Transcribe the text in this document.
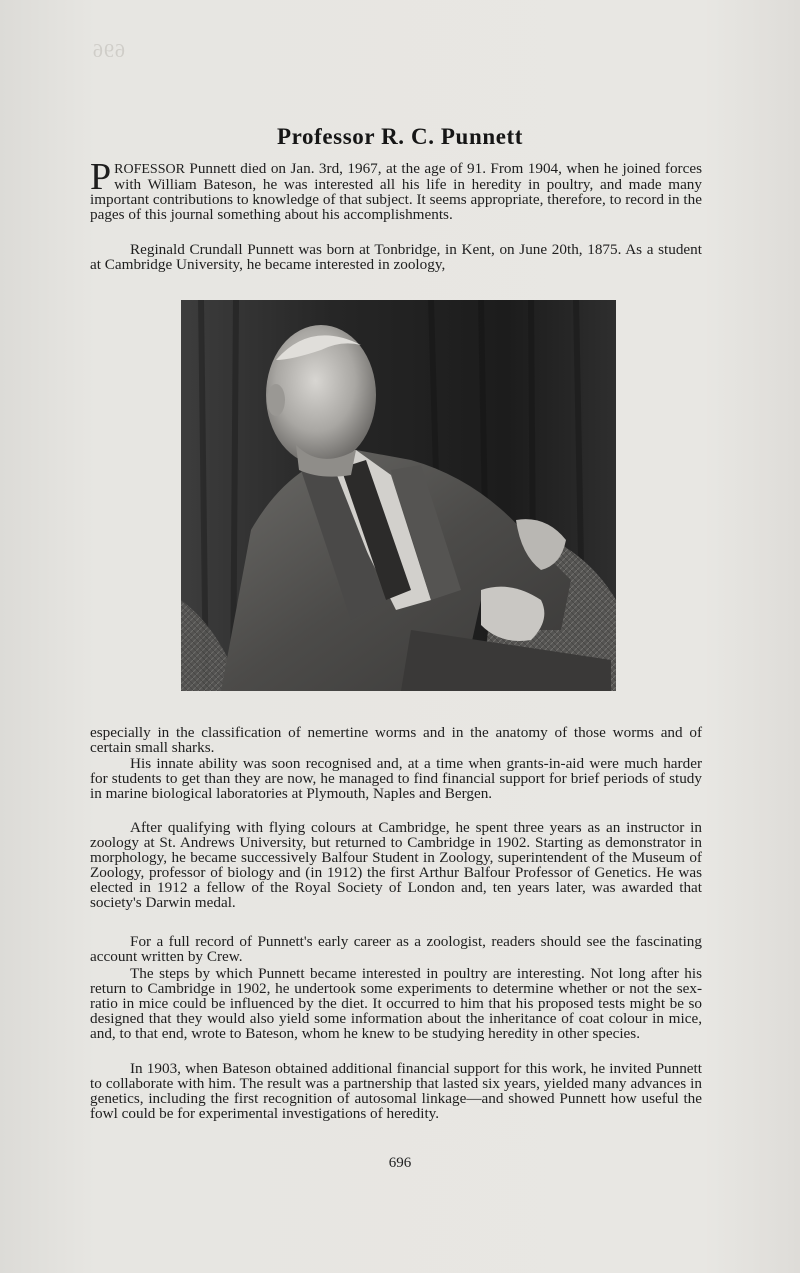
696
Professor R. C. Punnett

PROFESSOR Punnett died on Jan. 3rd, 1967, at the age of 91. From 1904, when he joined forces with William Bateson, he was interested all his life in heredity in poultry, and made many important contributions to knowledge of that subject. It seems appropriate, therefore, to record in the pages of this journal something about his accomplishments.

Reginald Crundall Punnett was born at Tonbridge, in Kent, on June 20th, 1875. As a student at Cambridge University, he became interested in zoology,

especially in the classification of nemertine worms and in the anatomy of those worms and of certain small sharks.

His innate ability was soon recognised and, at a time when grants-in-aid were much harder for students to get than they are now, he managed to find financial support for brief periods of study in marine biological laboratories at Plymouth, Naples and Bergen.

After qualifying with flying colours at Cambridge, he spent three years as an instructor in zoology at St. Andrews University, but returned to Cambridge in 1902. Starting as demonstrator in morphology, he became successively Balfour Student in Zoology, superintendent of the Museum of Zoology, professor of biology and (in 1912) the first Arthur Balfour Professor of Genetics. He was elected in 1912 a fellow of the Royal Society of London and, ten years later, was awarded that society's Darwin medal.

For a full record of Punnett's early career as a zoologist, readers should see the fascinating account written by Crew.

The steps by which Punnett became interested in poultry are interesting. Not long after his return to Cambridge in 1902, he undertook some experiments to determine whether or not the sex-ratio in mice could be influenced by the diet. It occurred to him that his proposed tests might be so designed that they would also yield some information about the inheritance of coat colour in mice, and, to that end, wrote to Bateson, whom he knew to be studying heredity in other species.

In 1903, when Bateson obtained additional financial support for this work, he invited Punnett to collaborate with him. The result was a partnership that lasted six years, yielded many advances in genetics, including the first recognition of autosomal linkage—and showed Punnett how useful the fowl could be for experimental investigations of heredity.

696
